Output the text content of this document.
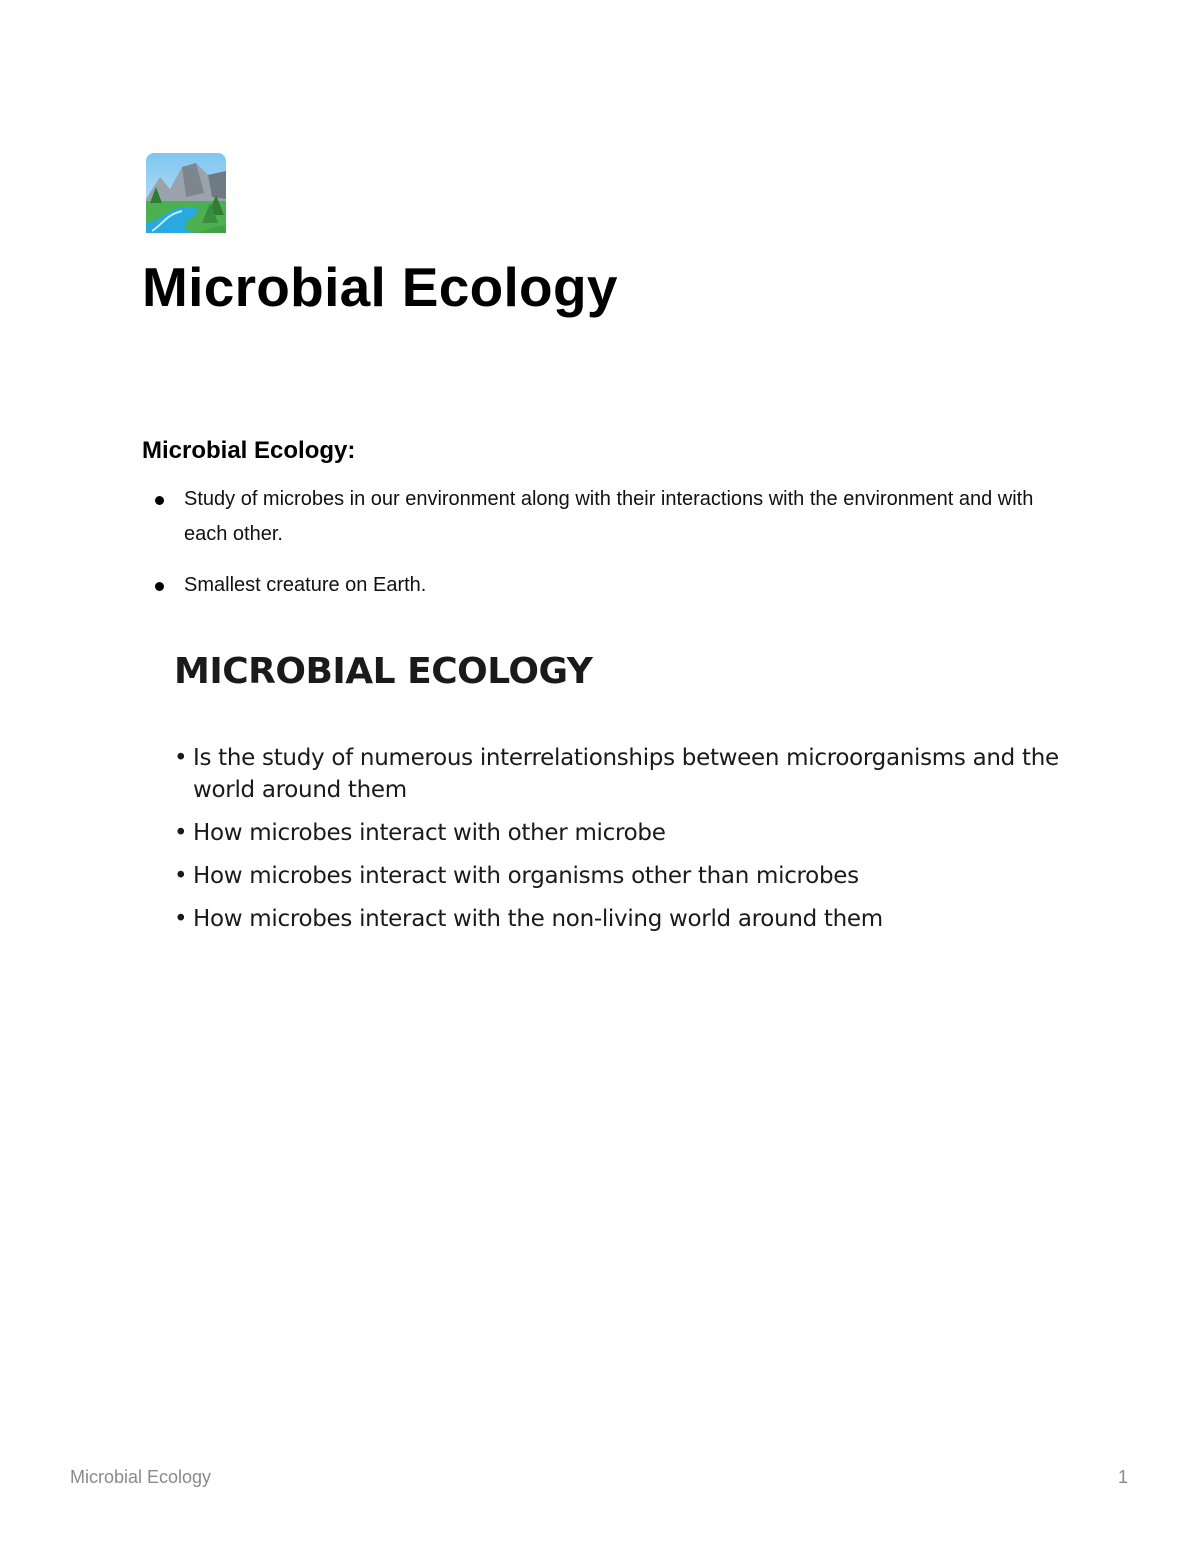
Microbial Ecology
Microbial Ecology:
Study of microbes in our environment along with their interactions with the environment and with each other.
Smallest creature on Earth.
MICROBIAL ECOLOGY
• Is the study of numerous interrelationships between microorganisms and the world around them
• How microbes interact with other microbe
• How microbes interact with organisms other than microbes
• How microbes interact with the non-living world around them
Microbial Ecology	1
